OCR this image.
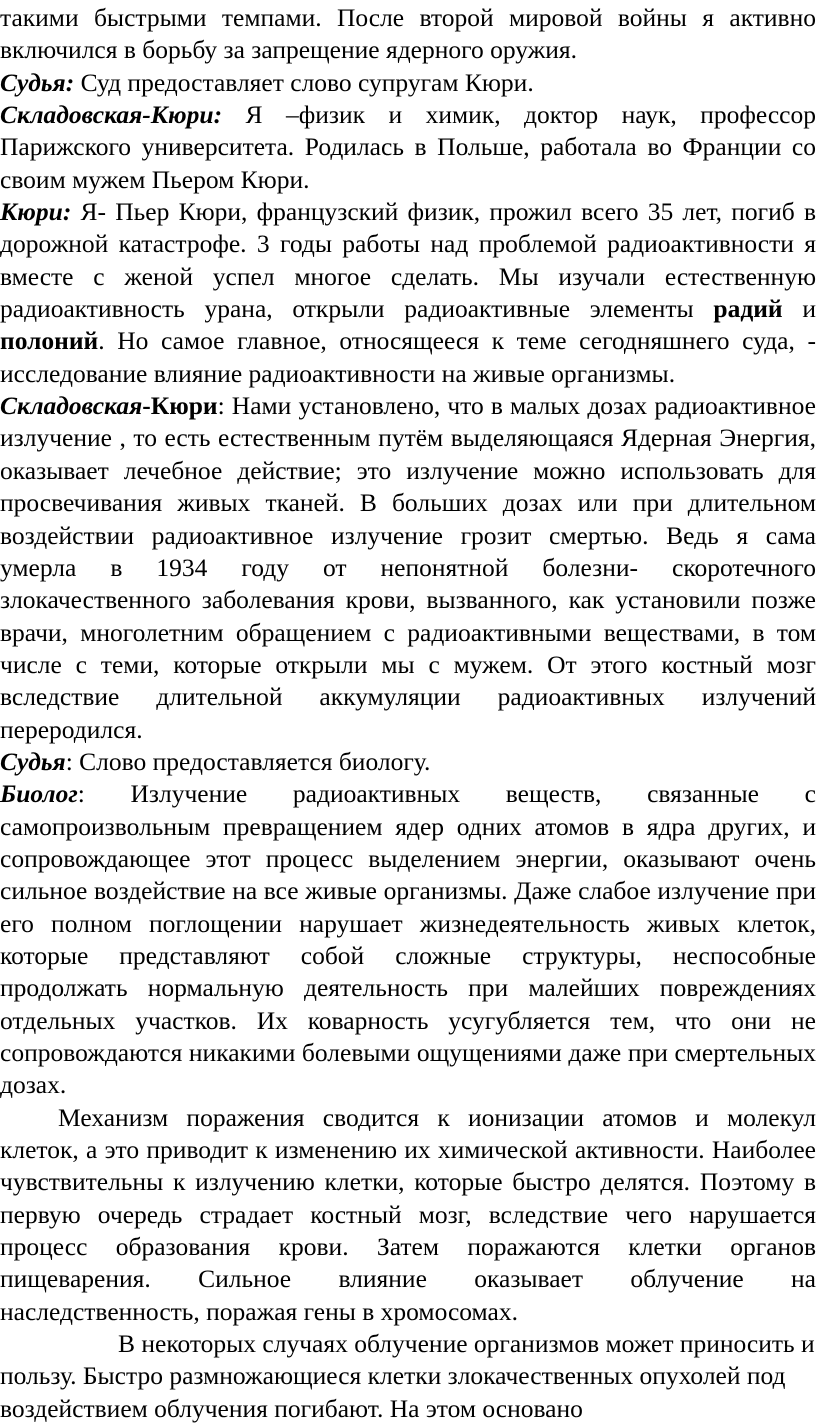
такими быстрыми темпами. После второй мировой войны я активно включился в борьбу за запрещение ядерного оружия.

Судья: Суд предоставляет слово супругам Кюри.

Складовская-Кюри: Я –физик и химик, доктор наук, профессор Парижского университета. Родилась в Польше, работала во Франции со своим мужем Пьером Кюри.

Кюри: Я- Пьер Кюри, французский физик, прожил всего 35 лет, погиб в дорожной катастрофе. 3 годы работы над проблемой радиоактивности я вместе с женой успел многое сделать. Мы изучали естественную радиоактивность урана, открыли радиоактивные элементы радий и полоний. Но самое главное, относящееся к теме сегодняшнего суда, - исследование влияние радиоактивности на живые организмы.

Складовская-Кюри: Нами установлено, что в малых дозах радиоактивное излучение , то есть естественным путём выделяющаяся Ядерная Энергия, оказывает лечебное действие; это излучение можно использовать для просвечивания живых тканей. В больших дозах или при длительном воздействии радиоактивное излучение грозит смертью. Ведь я сама умерла в 1934 году от непонятной болезни- скоротечного злокачественного заболевания крови, вызванного, как установили позже врачи, многолетним обращением с радиоактивными веществами, в том числе с теми, которые открыли мы с мужем. От этого костный мозг вследствие длительной аккумуляции радиоактивных излучений переродился.

Судья: Слово предоставляется биологу.

Биолог: Излучение радиоактивных веществ, связанные с самопроизвольным превращением ядер одних атомов в ядра других, и сопровождающее этот процесс выделением энергии, оказывают очень сильное воздействие на все живые организмы. Даже слабое излучение при его полном поглощении нарушает жизнедеятельность живых клеток, которые представляют собой сложные структуры, неспособные продолжать нормальную деятельность при малейших повреждениях отдельных участков. Их коварность усугубляется тем, что они не сопровождаются никакими болевыми ощущениями даже при смертельных дозах.

Механизм поражения сводится к ионизации атомов и молекул клеток, а это приводит к изменению их химической активности. Наиболее чувствительны к излучению клетки, которые быстро делятся. Поэтому в первую очередь страдает костный мозг, вследствие чего нарушается процесс образования крови. Затем поражаются клетки органов пищеварения. Сильное влияние оказывает облучение на наследственность, поражая гены в хромосомах.

В некоторых случаях облучение организмов может приносить и пользу. Быстро размножающиеся клетки злокачественных опухолей под воздействием облучения погибают. На этом основано
